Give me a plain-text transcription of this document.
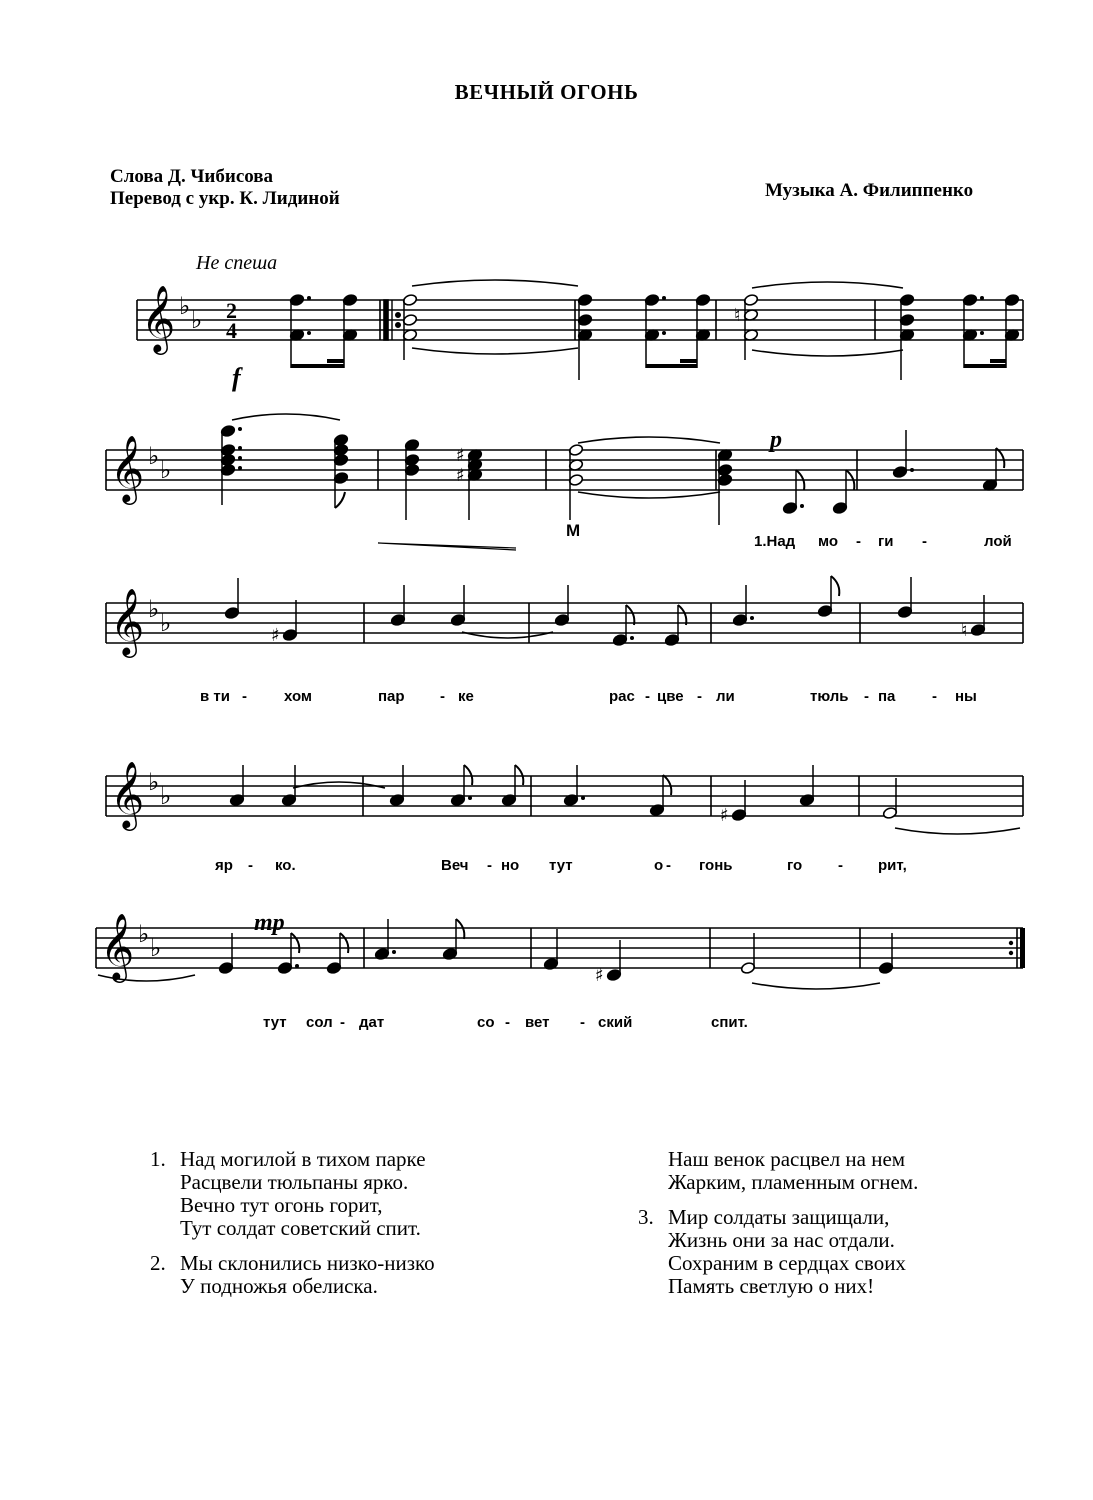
ВЕЧНЫЙ ОГОНЬ
Слова Д. Чибисова
Перевод с укр. К. Лидиной	Музыка А. Филиппенко
Не спеша
𝄞 ♭ ♭
𝄞 ♭ ♭
𝄞 ♭ ♭
𝄞 ♭ ♭
𝄞 ♭ ♭
2
4
♮
♯
♯
♯	♮
♯
♯
f
М
p
mp
1.Над мо - ги -	лой
в ти - хом	пар - ке	рас - цве - ли	тюль - па - ны
яр - ко.	Веч - но тут	о - гонь	го - рит,
тут сол - дат	со - вет - ский	спит.
1. Над могилой в тихом парке
Расцвели тюльпаны ярко.
Вечно тут огонь горит,
Тут солдат советский спит.
2. Мы склонились низко-низко
У подножья обелиска.
Наш венок расцвел на нем
Жарким, пламенным огнем.
3. Мир солдаты защищали,
Жизнь они за нас отдали.
Сохраним в сердцах своих
Память светлую о них!
